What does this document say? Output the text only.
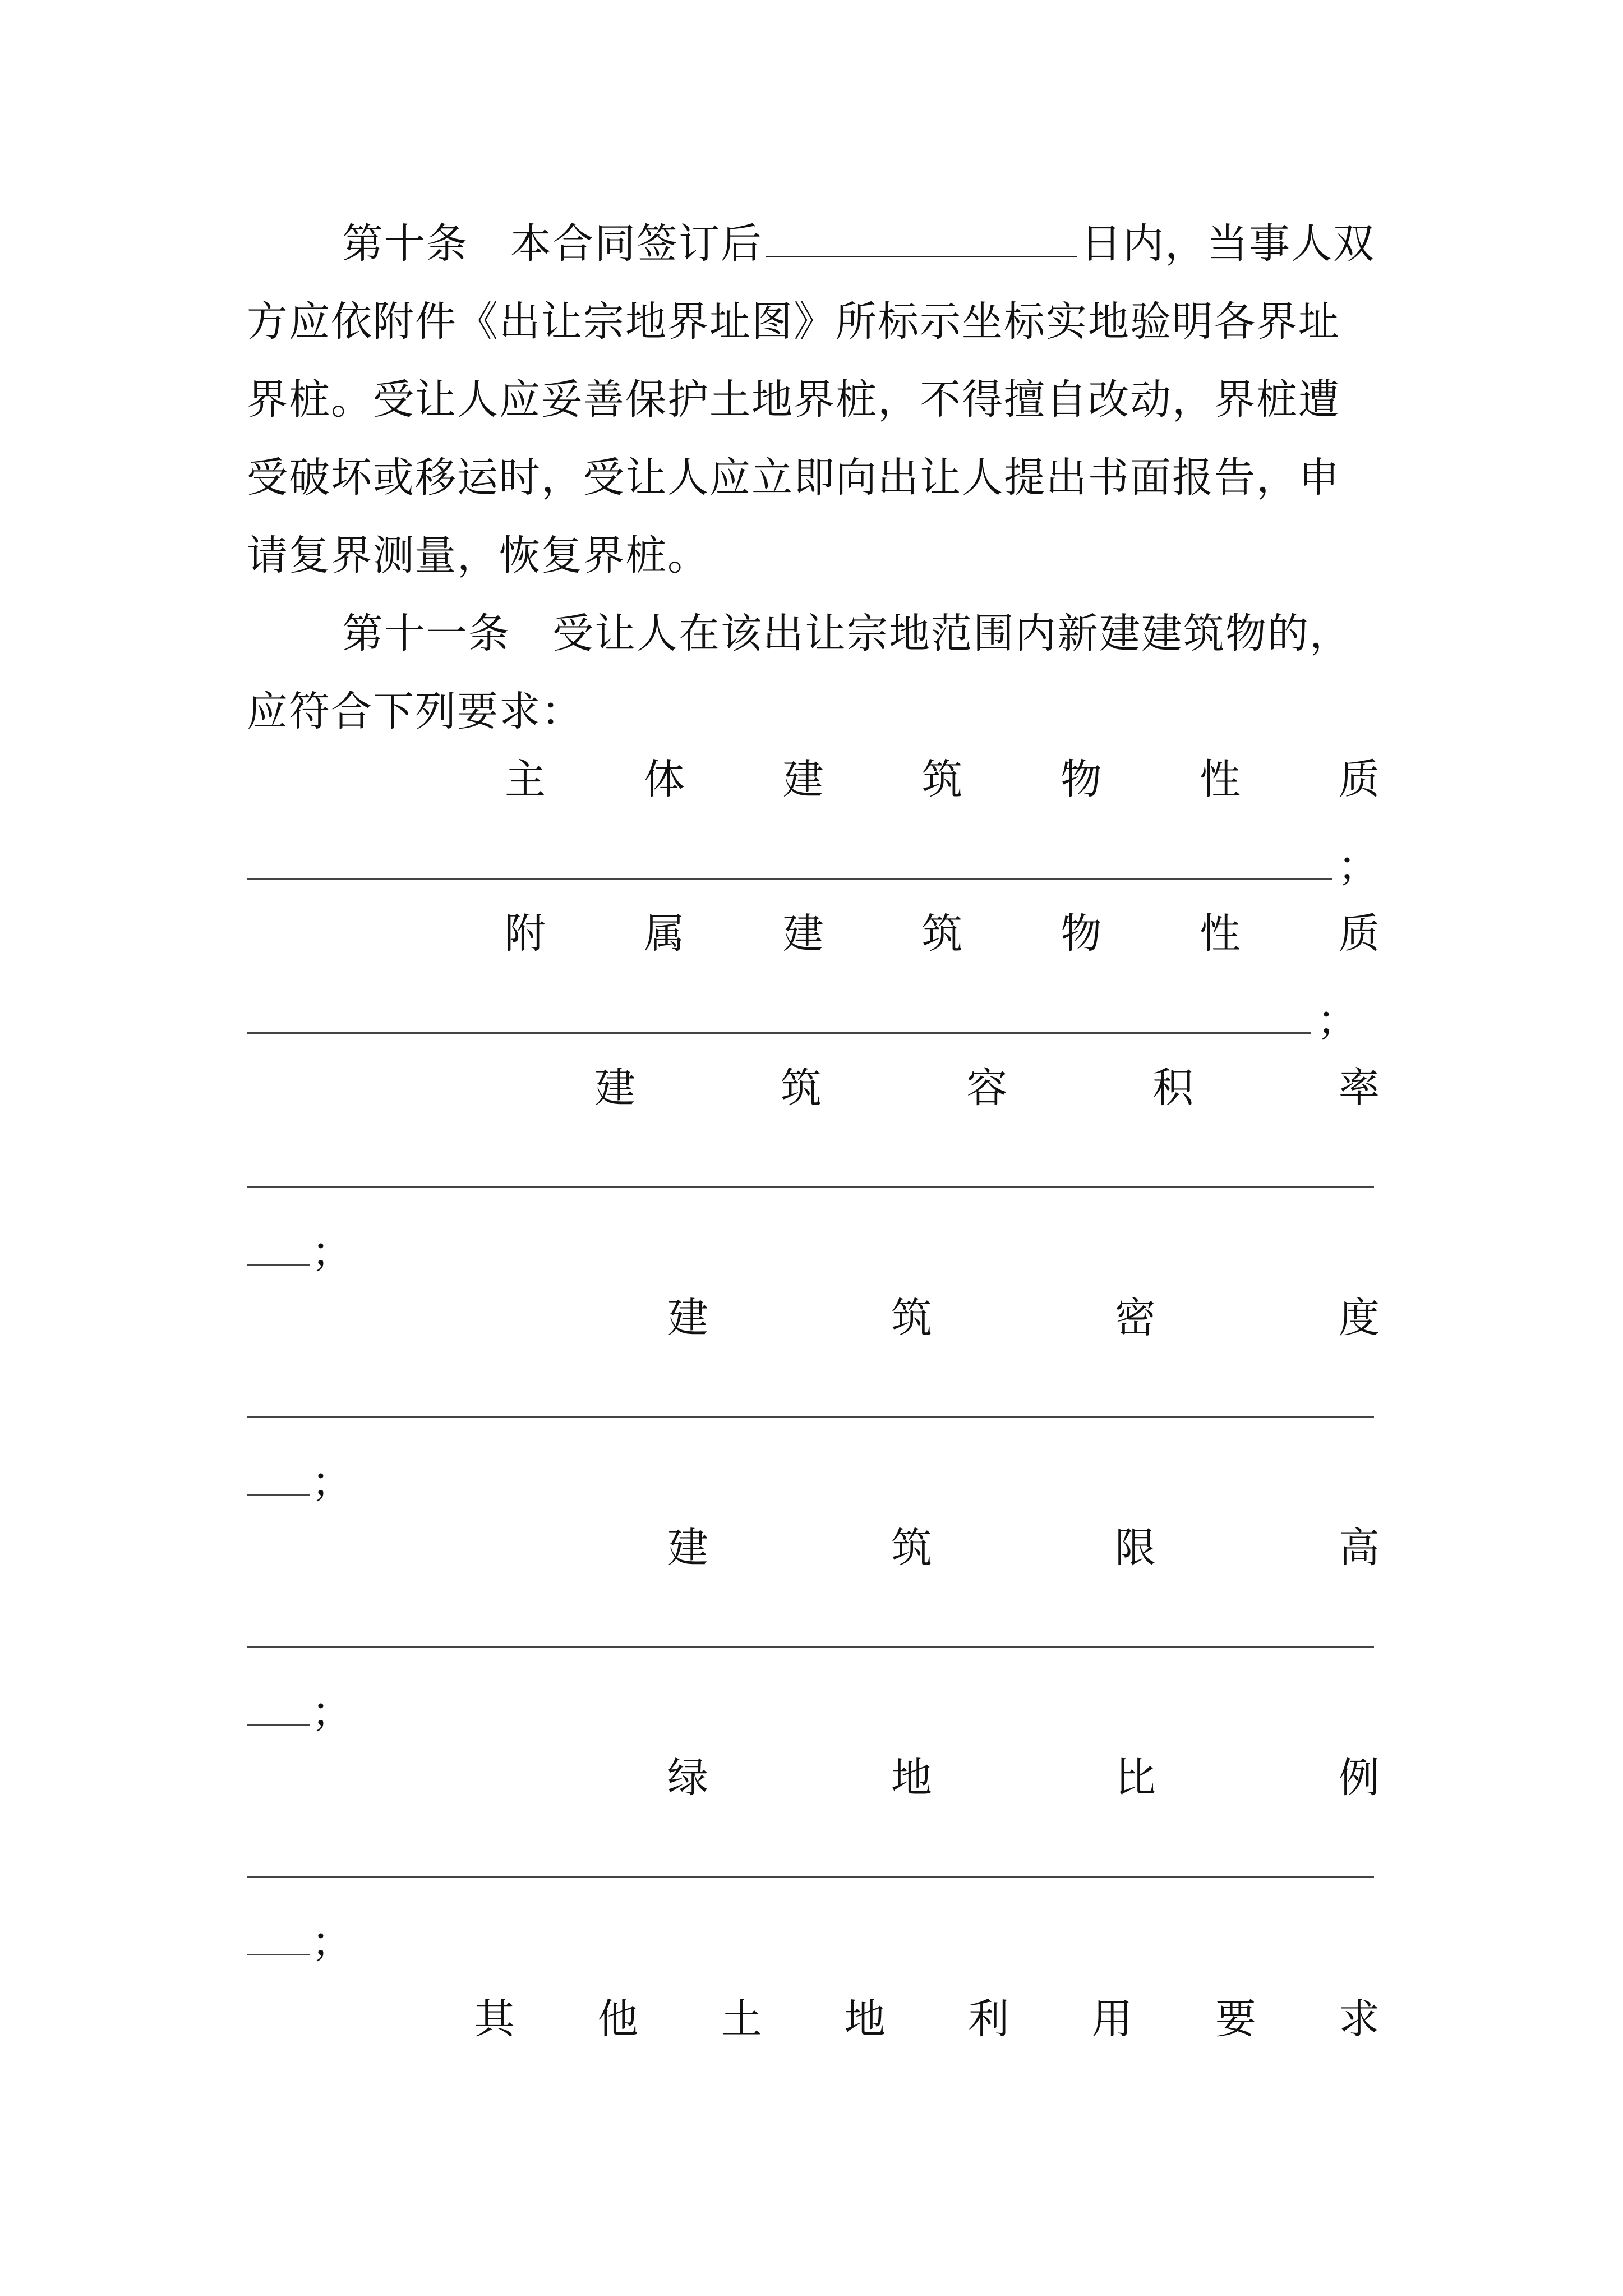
第十条　 本合同签订后	日内，当事人双方应依附件《出让宗地界址图》所标示坐标实地验明各界址界桩。受让人应妥善保护土地界桩，不得擅自改动，界桩遭受破坏或移运时，受让人应立即向出让人提出书面报告，申请复界测量，恢复界桩。

第十一条　 受让人在该出让宗地范围内新建建筑物的，应符合下列要求：

主 体 建 筑 物 性 质
；
附 属 建 筑 物 性 质
；
建	筑	容	积	率
；
建	筑	密	度
；
建	筑	限	高
；
绿	地	比	例
；
其 他 土 地 利 用 要 求
